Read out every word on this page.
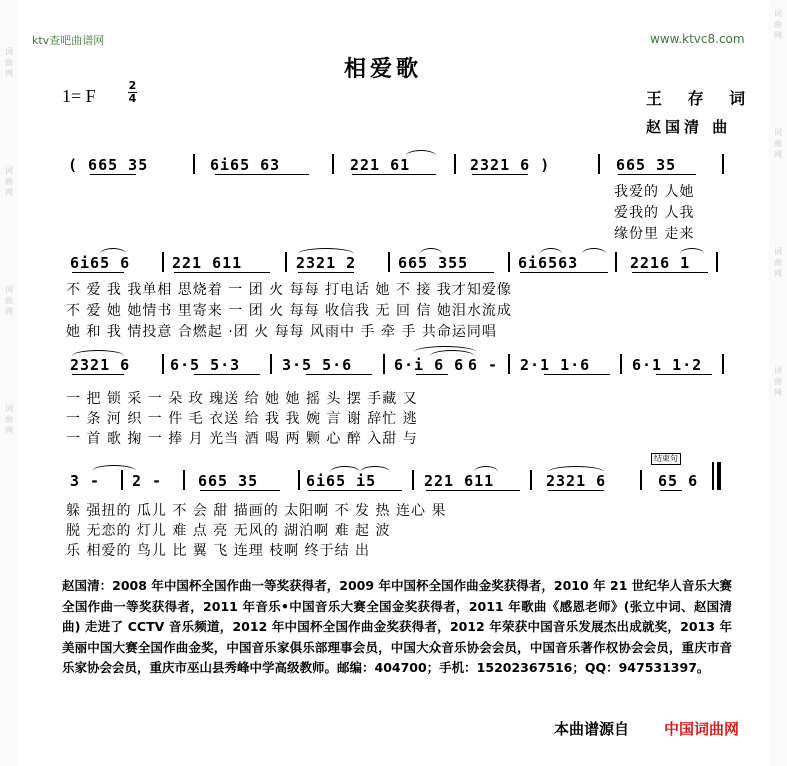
词
曲
网
词
曲
网
词
曲
网
词
曲
网
词
曲
网
词
曲
网
词
曲
网
词
曲
网
ktv查吧曲谱网	www.ktvc8.com
相爱歌
1= F
2
4	王 存 词
赵国清 曲
( 665 35	6i65 63	221 61	2321 6 )	665 35
我爱的 人她
爱我的 人我
缘份里 走来
6i65 6	221 611	2321 2	665 355	6i6563	2216 1
不 爱 我 我单相 思烧着 一 团 火 每每 打电话 她 不 接 我才知爱像
不 爱 她 她情书 里寄来 一 团 火 每每 收信我 无 回 信 她泪水流成
她 和 我 情投意 合燃起 ·团 火 每每 风雨中 手 牵 手 共命运同唱
2321 6	6·5 5·3	3·5 5·6	6·i 6 6 6 - 2·1 1·6	6·1 1·2
一 把 锁 采 一 朵 玫 瑰送 给 她 她 摇 头 摆 手藏 又
一 条 河 织 一 件 毛 衣送 给 我 我 婉 言 谢 辞忙 逃
一 首 歌 掬 一 捧 月 光当 酒 喝 两 颗 心 醉 入甜 与
3 - 2 - 665 35	6i65 i5	221 611	2321 6
结束句
65 6
躲 强扭的 瓜儿 不 会 甜 描画的 太阳啊 不 发 热 连心 果
脱 无恋的 灯儿 难 点 亮 无风的 湖泊啊 难 起 波
乐 相爱的 鸟儿 比 翼 飞 连理 枝啊 终于结 出
赵国清：2008 年中国杯全国作曲一等奖获得者，2009 年中国杯全国作曲金奖获得者，2010 年 21 世纪华人音乐大赛全国作曲一等奖获得者，2011 年音乐•中国音乐大赛全国金奖获得者，2011 年歌曲《感恩老师》(张立中词、赵国清曲) 走进了 CCTV 音乐频道，2012 年中国杯全国作曲金奖获得者，2012 年荣获中国音乐发展杰出成就奖，2013 年美丽中国大赛全国作曲金奖，中国音乐家俱乐部理事会员，中国大众音乐协会会员，中国音乐著作权协会会员，重庆市音乐家协会会员，重庆市巫山县秀峰中学高级教师。邮编：404700；手机：15202367516；QQ：947531397。
本曲谱源自 中国词曲网
